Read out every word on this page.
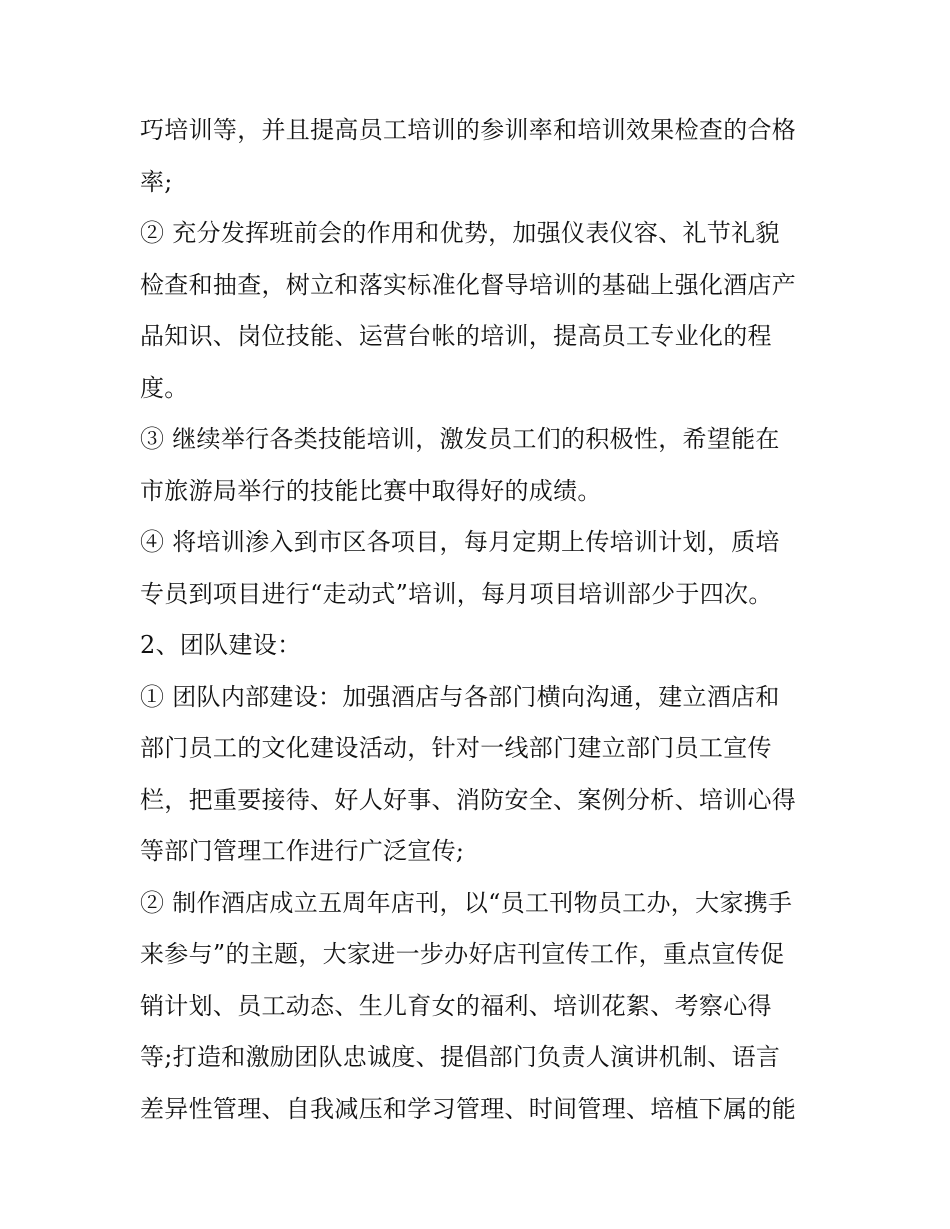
巧培训等，并且提高员工培训的参训率和培训效果检查的合格
率;
② 充分发挥班前会的作用和优势，加强仪表仪容、礼节礼貌
检查和抽查，树立和落实标准化督导培训的基础上强化酒店产
品知识、岗位技能、运营台帐的培训，提高员工专业化的程
度。
③ 继续举行各类技能培训，激发员工们的积极性，希望能在
市旅游局举行的技能比赛中取得好的成绩。
④ 将培训渗入到市区各项目，每月定期上传培训计划，质培
专员到项目进行“走动式”培训，每月项目培训部少于四次。
2、团队建设：
① 团队内部建设：加强酒店与各部门横向沟通，建立酒店和
部门员工的文化建设活动，针对一线部门建立部门员工宣传
栏，把重要接待、好人好事、消防安全、案例分析、培训心得
等部门管理工作进行广泛宣传;
② 制作酒店成立五周年店刊，以“员工刊物员工办，大家携手
来参与”的主题，大家进一步办好店刊宣传工作，重点宣传促
销计划、员工动态、生儿育女的福利、培训花絮、考察心得
等;打造和激励团队忠诚度、提倡部门负责人演讲机制、语言
差异性管理、自我减压和学习管理、时间管理、培植下属的能
